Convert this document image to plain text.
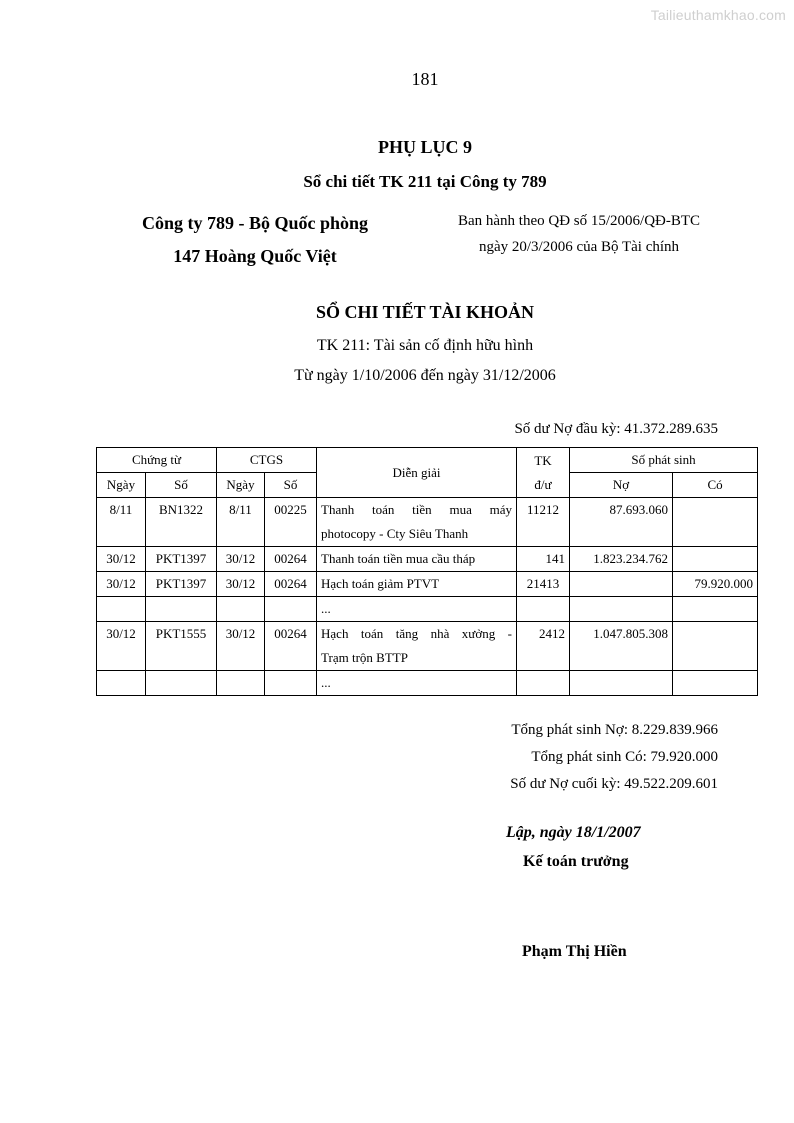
Tailieuthamkhao.com
181
PHỤ LỤC 9
Sổ chi tiết TK 211 tại Công ty 789
Công ty 789 - Bộ Quốc phòng
147 Hoàng Quốc Việt
Ban hành theo QĐ số 15/2006/QĐ-BTC
ngày 20/3/2006 của Bộ Tài chính
SỔ CHI TIẾT TÀI KHOẢN
TK 211: Tài sản cố định hữu hình
Từ ngày 1/10/2006 đến ngày 31/12/2006
Số dư Nợ đầu kỳ: 41.372.289.635
Chứng từ		CTGS		Diễn giải	TK
đ/ư	Số phát sinh	
Ngày	Số	Ngày	Số			Nợ	Có
8/11	BN1322	8/11	00225	Thanh toán tiền mua máy
photocopy - Cty Siêu Thanh	11212	87.693.060	
30/12	PKT1397	30/12	00264	Thanh toán tiền mua cầu tháp	141	1.823.234.762	
30/12	PKT1397	30/12	00264	Hạch toán giảm PTVT	21413		79.920.000
				...			
30/12	PKT1555	30/12	00264	Hạch toán tăng nhà xưởng -
Trạm trộn BTTP	2412	1.047.805.308	
				...			
Tổng phát sinh Nợ: 8.229.839.966
Tổng phát sinh Có: 79.920.000
Số dư Nợ cuối kỳ: 49.522.209.601
Lập, ngày 18/1/2007
Kế toán trưởng
Phạm Thị Hiền
